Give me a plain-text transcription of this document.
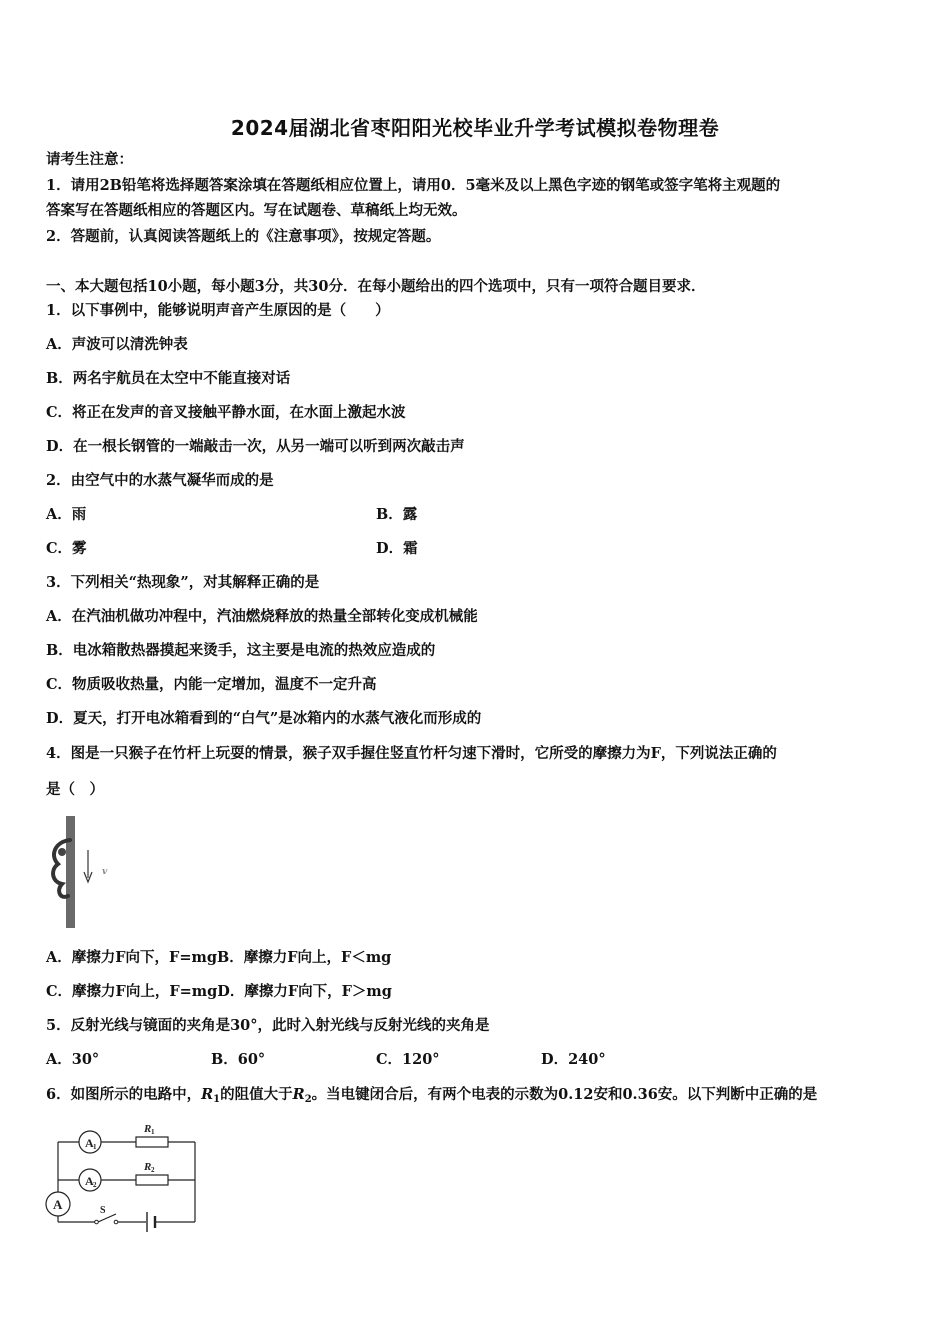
2024届湖北省枣阳阳光校毕业升学考试模拟卷物理卷
请考生注意：
1．请用2B铅笔将选择题答案涂填在答题纸相应位置上，请用0．5毫米及以上黑色字迹的钢笔或签字笔将主观题的
答案写在答题纸相应的答题区内。写在试题卷、草稿纸上均无效。
2．答题前，认真阅读答题纸上的《注意事项》，按规定答题。
一、本大题包括10小题，每小题3分，共30分．在每小题给出的四个选项中，只有一项符合题目要求．
1．以下事例中，能够说明声音产生原因的是（　　）
A．声波可以清洗钟表
B．两名宇航员在太空中不能直接对话
C．将正在发声的音叉接触平静水面，在水面上激起水波
D．在一根长钢管的一端敲击一次，从另一端可以听到两次敲击声
2．由空气中的水蒸气凝华而成的是
A．雨	B．露
C．雾	D．霜
3．下列相关“热现象”，对其解释正确的是
A．在汽油机做功冲程中，汽油燃烧释放的热量全部转化变成机械能
B．电冰箱散热器摸起来烫手，这主要是电流的热效应造成的
C．物质吸收热量，内能一定增加，温度不一定升高
D．夏天，打开电冰箱看到的“白气”是冰箱内的水蒸气液化而形成的
4．图是一只猴子在竹杆上玩耍的情景，猴子双手握住竖直竹杆匀速下滑时，它所受的摩擦力为F，下列说法正确的
是（　）
v
A．摩擦力F向下，F=mgB．摩擦力F向上，F＜mg
C．摩擦力F向上，F=mgD．摩擦力F向下，F＞mg
5．反射光线与镜面的夹角是30°，此时入射光线与反射光线的夹角是
A．30°	B．60°	C．120°	D．240°
6．如图所示的电路中，$R_1$的阻值大于$R_2$。当电键闭合后，有两个电表的示数为0.12安和0.36安。以下判断中正确的是
A 1
R 1
A 2
R 2
A	S
